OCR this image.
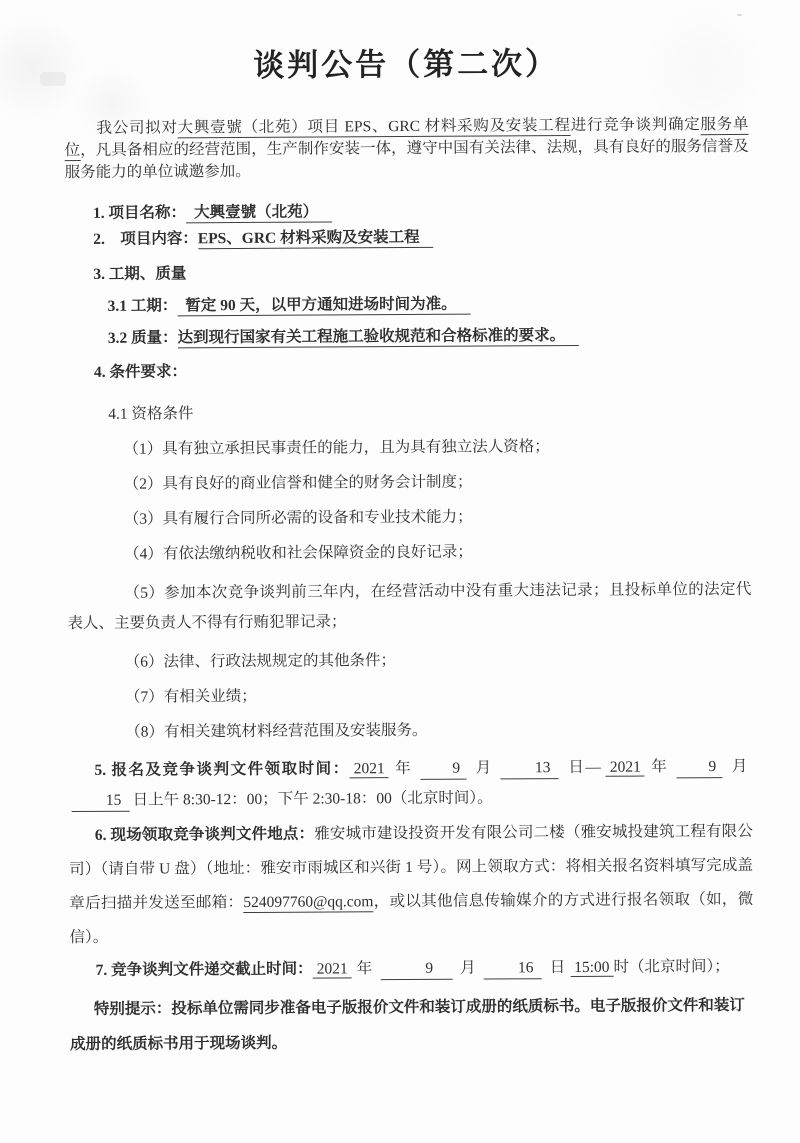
谈判公告（第二次）

我公司拟对大興壹號（北苑）项目 EPS、GRC 材料采购及安装工程进行竞争谈判确定服务单位，凡具备相应的经营范围，生产制作安装一体，遵守中国有关法律、法规，具有良好的服务信誉及服务能力的单位诚邀参加。

1. 项目名称： 大興壹號（北苑）
2.　项目内容：EPS、GRC 材料采购及安装工程
3. 工期、质量
3.1 工期： 暂定 90 天，以甲方通知进场时间为准。
3.2 质量：达到现行国家有关工程施工验收规范和合格标准的要求。
4. 条件要求：
4.1 资格条件

（1）具有独立承担民事责任的能力，且为具有独立法人资格；

（2）具有良好的商业信誉和健全的财务会计制度；

（3）具有履行合同所必需的设备和专业技术能力；

（4）有依法缴纳税收和社会保障资金的良好记录；

（5）参加本次竞争谈判前三年内，在经营活动中没有重大违法记录；且投标单位的法定代表人、主要负责人不得有行贿犯罪记录；

（6）法律、行政法规规定的其他条件；

（7）有相关业绩；

（8）有相关建筑材料经营范围及安装服务。

5. 报名及竞争谈判文件领取时间： 2021 年	9 月	13 日— 2021 年	9 月15 日上午 8:30-12：00；下午 2:30-18：00（北京时间）。

6. 现场领取竞争谈判文件地点：雅安城市建设投资开发有限公司二楼（雅安城投建筑工程有限公司）（请自带 U 盘）（地址：雅安市雨城区和兴街 1 号）。网上领取方式：将相关报名资料填写完成盖章后扫描并发送至邮箱：524097760@qq.com，或以其他信息传输媒介的方式进行报名领取（如，微信）。

7. 竞争谈判文件递交截止时间： 2021 年	9 月	16 日 15:00 时（北京时间）；

特别提示：投标单位需同步准备电子版报价文件和装订成册的纸质标书。电子版报价文件和装订成册的纸质标书用于现场谈判。
